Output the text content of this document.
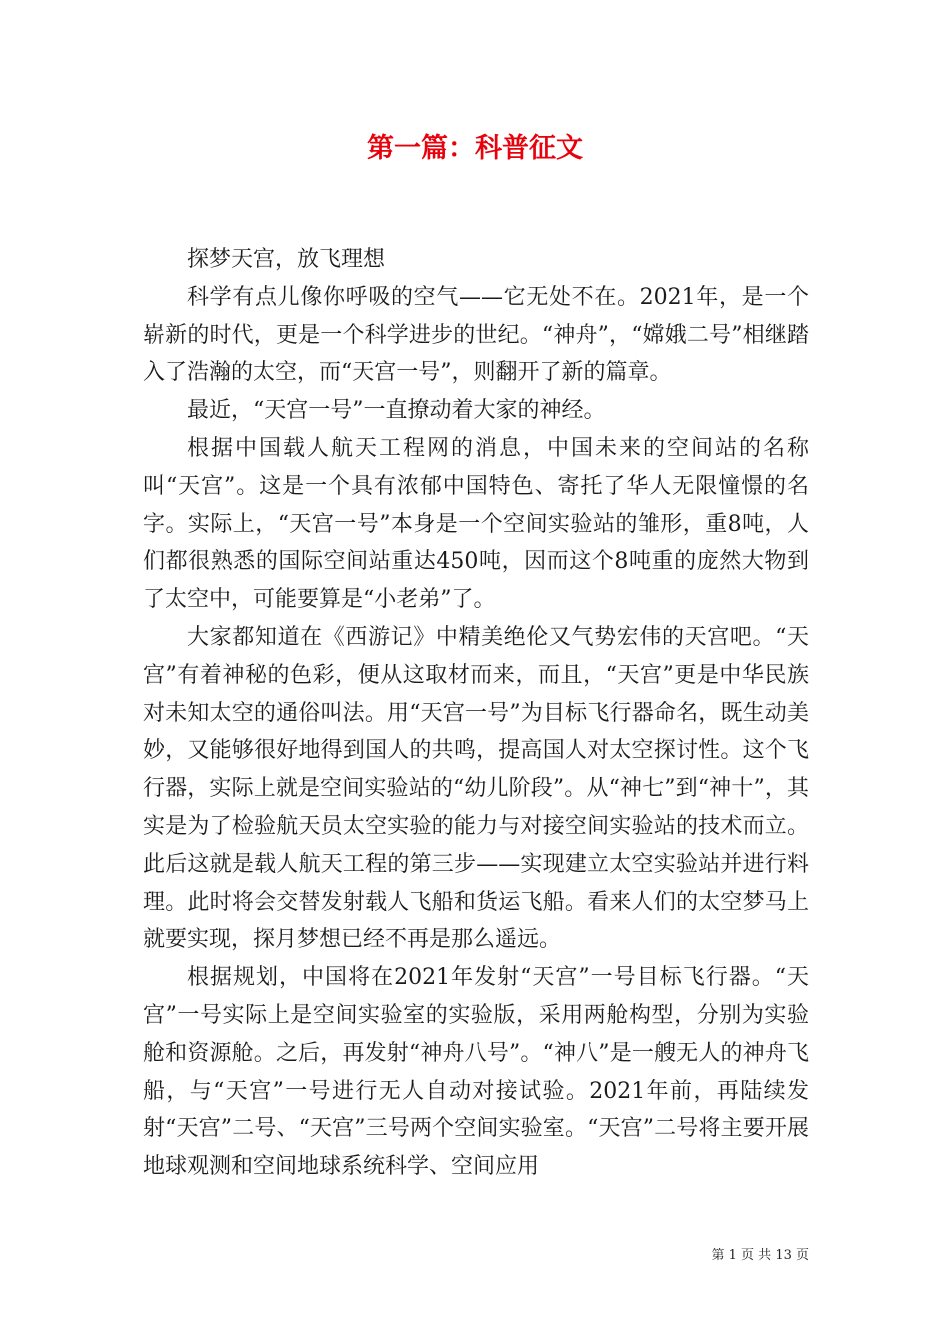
第一篇：科普征文

探梦天宫，放飞理想

科学有点儿像你呼吸的空气——它无处不在。2021年，是一个崭新的时代，更是一个科学进步的世纪。“神舟”，“嫦娥二号”相继踏入了浩瀚的太空，而“天宫一号”，则翻开了新的篇章。

最近，“天宫一号”一直撩动着大家的神经。

根据中国载人航天工程网的消息，中国未来的空间站的名称叫“天宫”。这是一个具有浓郁中国特色、寄托了华人无限憧憬的名字。实际上，“天宫一号”本身是一个空间实验站的雏形，重8吨，人们都很熟悉的国际空间站重达450吨，因而这个8吨重的庞然大物到了太空中，可能要算是“小老弟”了。

大家都知道在《西游记》中精美绝伦又气势宏伟的天宫吧。“天宫”有着神秘的色彩，便从这取材而来，而且，“天宫”更是中华民族对未知太空的通俗叫法。用“天宫一号”为目标飞行器命名，既生动美妙，又能够很好地得到国人的共鸣，提高国人对太空探讨性。这个飞行器，实际上就是空间实验站的“幼儿阶段”。从“神七”到“神十”，其实是为了检验航天员太空实验的能力与对接空间实验站的技术而立。此后这就是载人航天工程的第三步——实现建立太空实验站并进行料理。此时将会交替发射载人飞船和货运飞船。看来人们的太空梦马上就要实现，探月梦想已经不再是那么遥远。

根据规划，中国将在2021年发射“天宫”一号目标飞行器。“天宫”一号实际上是空间实验室的实验版，采用两舱构型，分别为实验舱和资源舱。之后，再发射“神舟八号”。“神八”是一艘无人的神舟飞船，与“天宫”一号进行无人自动对接试验。2021年前，再陆续发射“天宫”二号、“天宫”三号两个空间实验室。“天宫”二号将主要开展地球观测和空间地球系统科学、空间应用

第 1 页 共 13 页
